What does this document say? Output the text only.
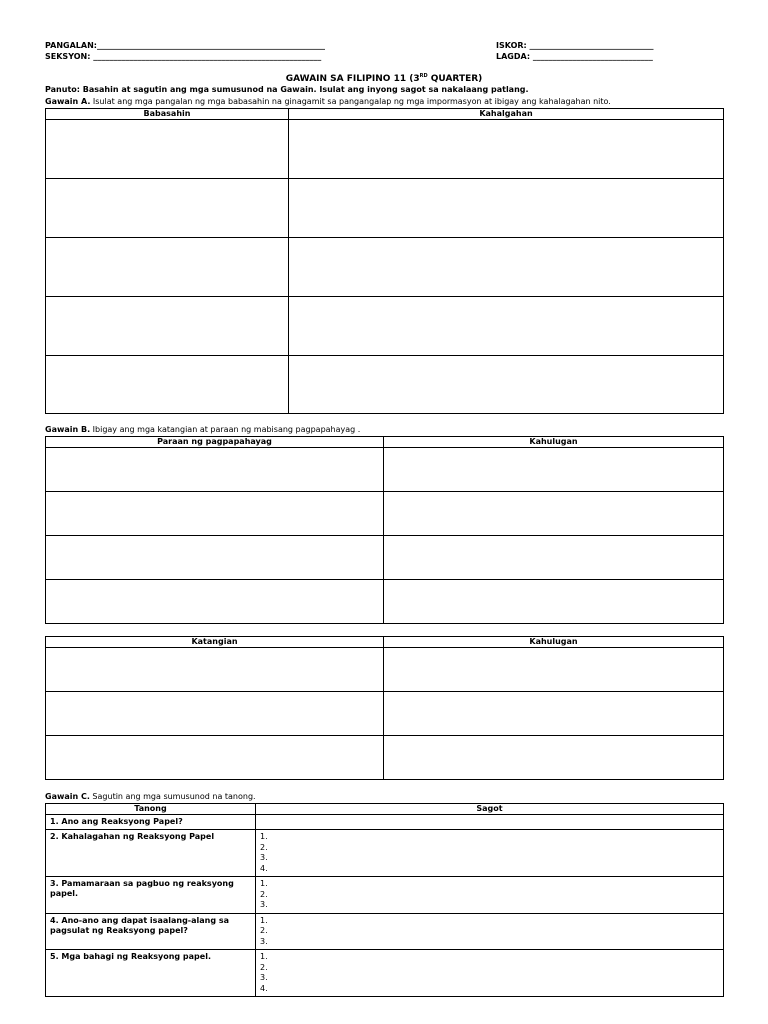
PANGALAN:_________________________________________________________
SEKSYON: _________________________________________________________
ISKOR: _______________________________
LAGDA: ______________________________
GAWAIN SA FILIPINO 11 (3RD QUARTER)
Panuto: Basahin at sagutin ang mga sumusunod na Gawain. Isulat ang inyong sagot sa nakalaang patlang.
Gawain A. Isulat ang mga pangalan ng mga babasahin na ginagamit sa pangangalap ng mga impormasyon at ibigay ang kahalagahan nito.
Babasahin	Kahalgahan

Gawain B. Ibigay ang mga katangian at paraan ng mabisang pagpapahayag .
Paraan ng pagpapahayag	Kahulugan

Katangian	Kahulugan

Gawain C. Sagutin ang mga sumusunod na tanong.
Tanong	Sagot
1. Ano ang Reaksyong Papel?	
2. Kahalagahan ng Reaksyong Papel	1.
2.
3.
4.

3. Pamamaraan sa pagbuo ng reaksyong papel.	1.
2.
3.

4. Ano-ano ang dapat isaalang-alang sa pagsulat ng Reaksyong papel?	1.
2.
3.

5. Mga bahagi ng Reaksyong papel.	1.
2.
3.
4.
